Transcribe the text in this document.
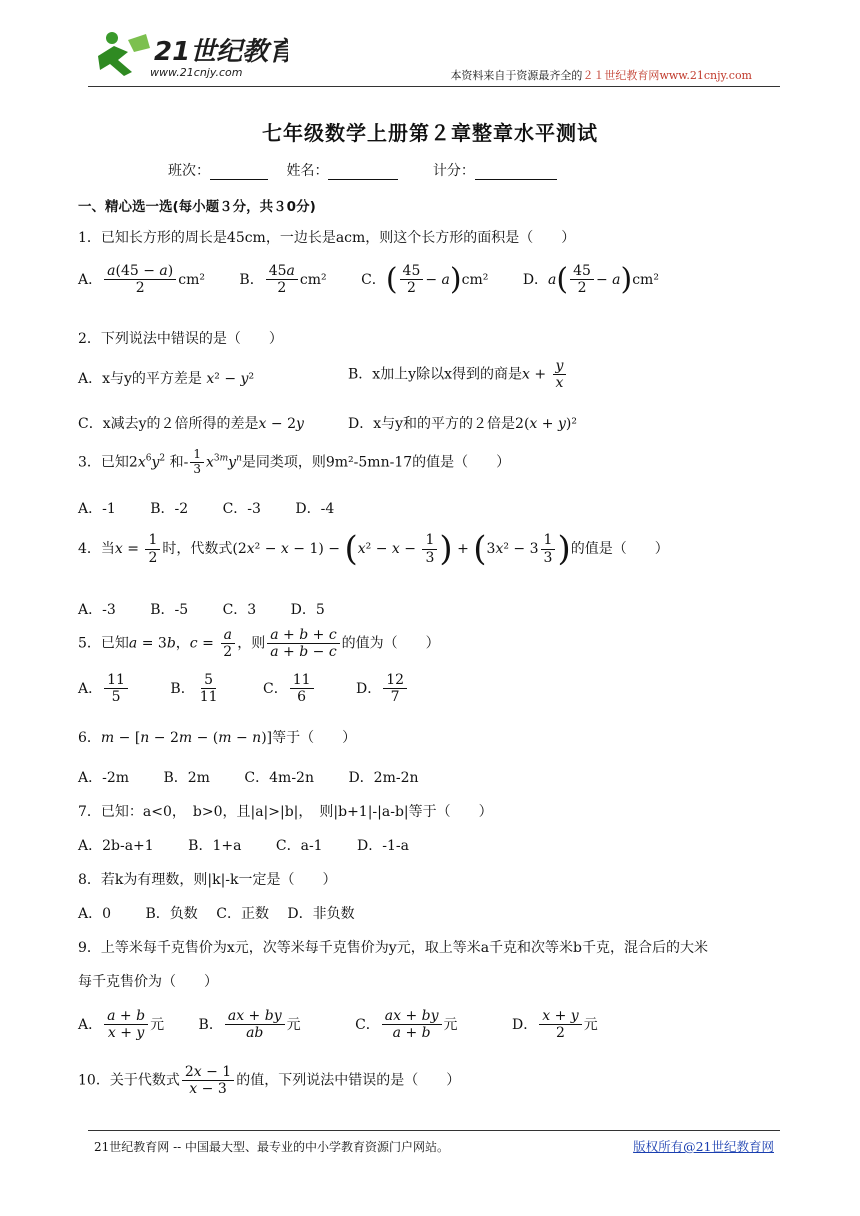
21世纪教育
www.21cnjy.com	本资料来自于资源最齐全的２１世纪教育网www.21cnjy.com
七年级数学上册第２章整章水平测试
班次：	姓名：	计分：
一、精心选一选(每小题３分，共３0分)
1．已知长方形的周长是45cm，一边长是acm，则这个长方形的面积是（　　）
A． $\frac{a(45 - a)}{2} cm^2$ B． $\frac{45a}{2} cm^2$ C．( $\frac{45}{2} - a)cm^2$ D．$a( \frac{45}{2} - a)cm^2$
2．下列说法中错误的是（　　）
A．x与y的平方差是 x² − y²	B．x加上y除以x得到的商是$x + \frac{y}{x}$
C．x减去y的２倍所得的差是x − 2y	D．x与y和的平方的２倍是2(x + y)²
3．已知$2x^6y^2$ 和- $\frac{1}{3} x^{3m}y^n$是同类项，则9m²-5mn-17的值是（　　）
A．-1 B．-2 C．-3 D．-4
4．当$x = \frac{1}{2}$ 时，代数式$(2x^2 - x - 1) - (x^2 - x - \frac{1}{3}$ ) + ($3x^2 - 3 \frac{1}{3}$ )的值是（　　）
A．-3 B．-5 C．3 D．5
5．已知a = 3b，$c = \frac{a}{2}$ ，则 $\frac{a + b + c}{a + b - c}$ 的值为（　　）
A． $\frac{11}{5}$	B． $\frac{5}{11}$	C． $\frac{11}{6}$	D． $\frac{12}{7}$
6．m − [n − 2m − (m − n)]等于（　　）
A．-2m B．2m C．4m-2n D．2m-2n
7．已知：a<0，　b>0，且|a|>|b|，　则|b+1|-|a-b|等于（　　）
A．2b-a+1 B．1+a C．a-1 D．-1-a
8．若k为有理数，则|k|-k一定是（　　）
A．0 B．负数 C．正数 D．非负数
9．上等米每千克售价为x元，次等米每千克售价为y元，取上等米a千克和次等米b千克，混合后的大米
每千克售价为（　　）
A． $\frac{a + b}{x + y}$ 元 B． $\frac{ax + by}{ab}$ 元	C． $\frac{ax + by}{a + b}$ 元	D． $\frac{x + y}{2}$ 元
10．关于代数式 $\frac{2x - 1}{x - 3}$ 的值，下列说法中错误的是（　　）
21世纪教育网 -- 中国最大型、最专业的中小学教育资源门户网站。	版权所有@21世纪教育网
